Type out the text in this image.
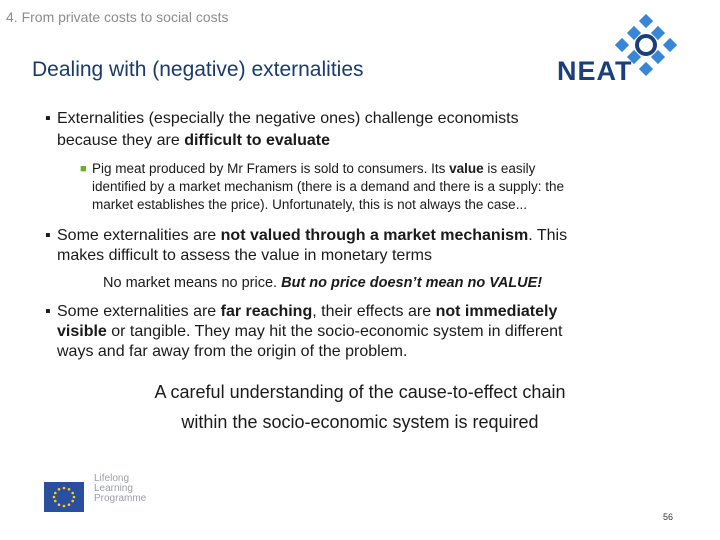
4. From private costs to social costs
Dealing with (negative) externalities	NEAT
▪ Externalities (especially the negative ones) challenge economists
because they are difficult to evaluate
■ Pig meat produced by Mr Framers is sold to consumers. Its value is easily
identified by a market mechanism (there is a demand and there is a supply: the
market establishes the price). Unfortunately, this is not always the case...
▪ Some externalities are not valued through a market mechanism. This
makes difficult to assess the value in monetary terms
No market means no price. But no price doesn’t mean no VALUE!
▪ Some externalities are far reaching, their effects are not immediately
visible or tangible. They may hit the socio-economic system in different
ways and far away from the origin of the problem.
A careful understanding of the cause-to-effect chain
within the socio-economic system is required
Lifelong
Learning
Programme
56
